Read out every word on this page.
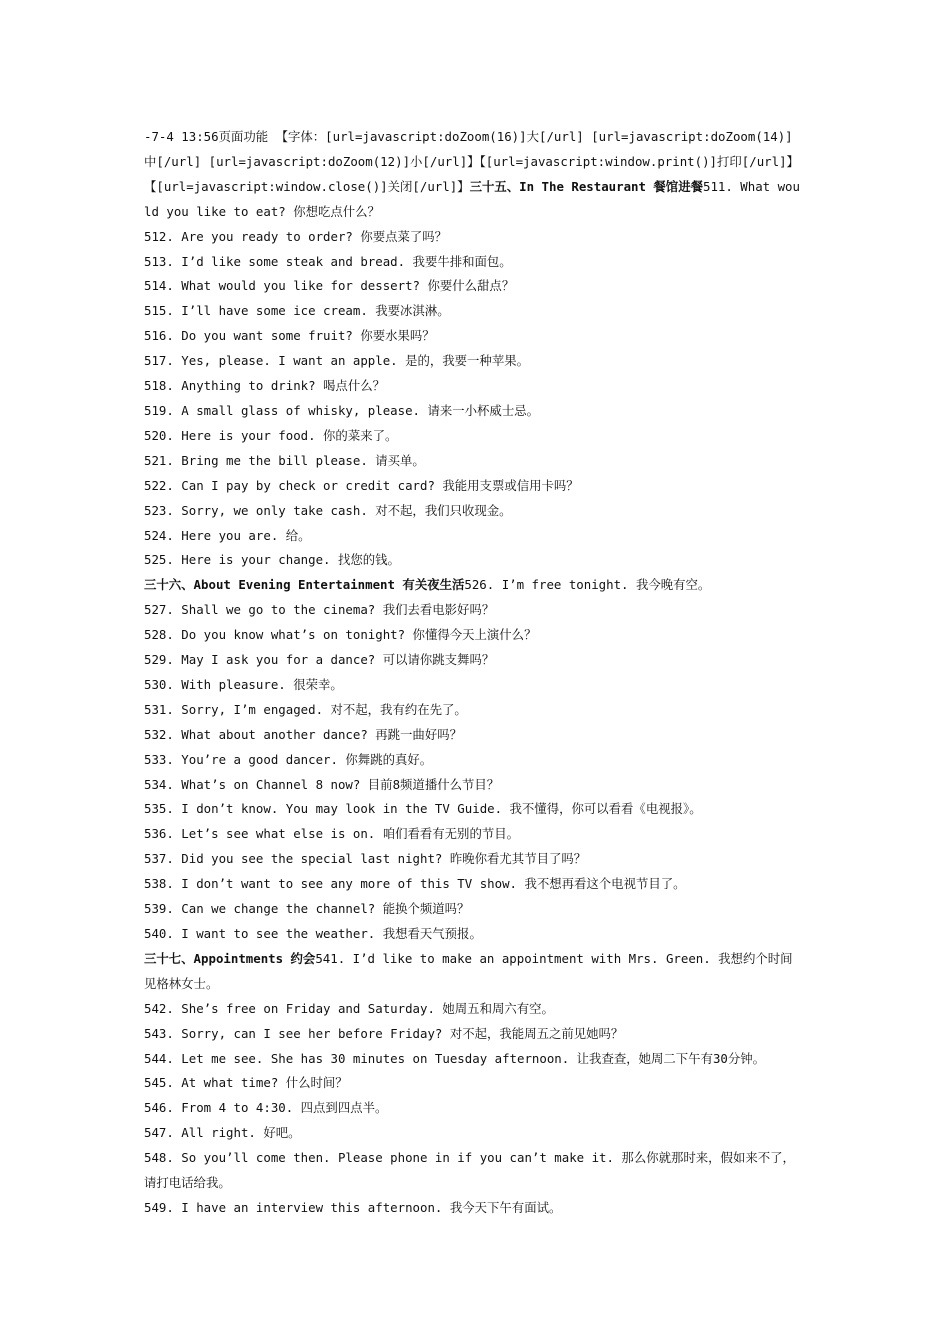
-7-4 13:56页面功能 【字体：[url=javascript:doZoom(16)]大[/url] [url=javascript:doZoom(14)]中[/url] [url=javascript:doZoom(12)]小[/url]】【[url=javascript:window.print()]打印[/url]】【[url=javascript:window.close()]关闭[/url]】三十五、In The Restaurant 餐馆进餐511. What would you like to eat? 你想吃点什么？
512. Are you ready to order? 你要点菜了吗？
513. I’d like some steak and bread. 我要牛排和面包。
514. What would you like for dessert? 你要什么甜点？
515. I’ll have some ice cream. 我要冰淇淋。
516. Do you want some fruit? 你要水果吗？
517. Yes, please. I want an apple. 是的，我要一种苹果。
518. Anything to drink? 喝点什么？
519. A small glass of whisky, please. 请来一小杯威士忌。
520. Here is your food. 你的菜来了。
521. Bring me the bill please. 请买单。
522. Can I pay by check or credit card? 我能用支票或信用卡吗？
523. Sorry, we only take cash. 对不起，我们只收现金。
524. Here you are. 给。
525. Here is your change. 找您的钱。
三十六、About Evening Entertainment 有关夜生活526. I’m free tonight. 我今晚有空。
527. Shall we go to the cinema? 我们去看电影好吗？
528. Do you know what’s on tonight? 你懂得今天上演什么？
529. May I ask you for a dance? 可以请你跳支舞吗？
530. With pleasure. 很荣幸。
531. Sorry, I’m engaged. 对不起，我有约在先了。
532. What about another dance? 再跳一曲好吗？
533. You’re a good dancer. 你舞跳的真好。
534. What’s on Channel 8 now? 目前8频道播什么节目？
535. I don’t know. You may look in the TV Guide. 我不懂得，你可以看看《电视报》。
536. Let’s see what else is on. 咱们看看有无别的节目。
537. Did you see the special last night? 昨晚你看尤其节目了吗？
538. I don’t want to see any more of this TV show. 我不想再看这个电视节目了。
539. Can we change the channel? 能换个频道吗？
540. I want to see the weather. 我想看天气预报。
三十七、Appointments 约会541. I’d like to make an appointment with Mrs. Green. 我想约个时间见格林女士。
542. She’s free on Friday and Saturday. 她周五和周六有空。
543. Sorry, can I see her before Friday? 对不起，我能周五之前见她吗？
544. Let me see. She has 30 minutes on Tuesday afternoon. 让我查查，她周二下午有30分钟。
545. At what time? 什么时间？
546. From 4 to 4:30. 四点到四点半。
547. All right. 好吧。
548. So you’ll come then. Please phone in if you can’t make it. 那么你就那时来，假如来不了，请打电话给我。
549. I have an interview this afternoon. 我今天下午有面试。
